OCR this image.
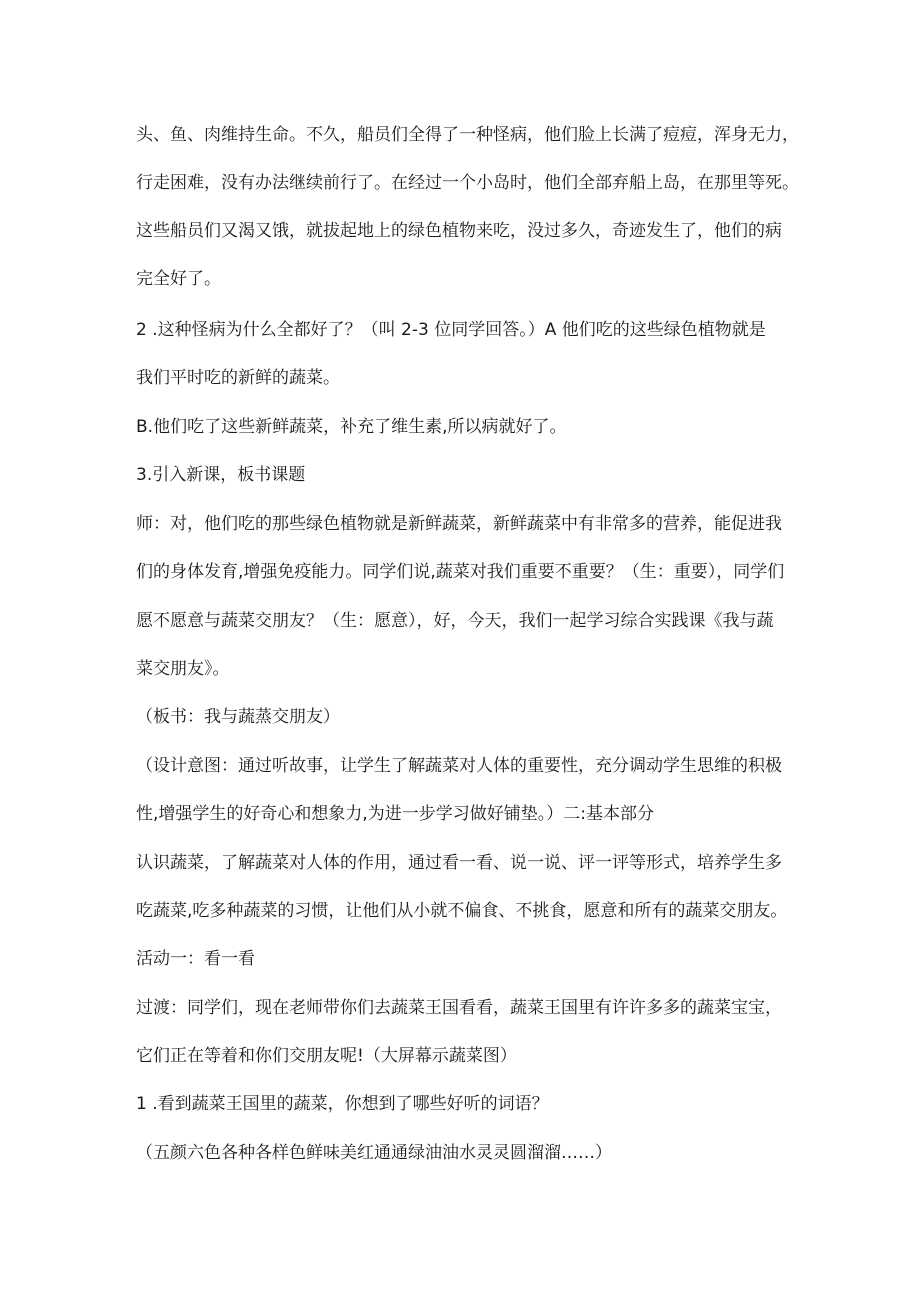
头、鱼、肉维持生命。不久，船员们全得了一种怪病，他们脸上长满了痘痘，浑身无力，
行走困难，没有办法继续前行了。在经过一个小岛时，他们全部弃船上岛，在那里等死。
这些船员们又渴又饿，就拔起地上的绿色植物来吃，没过多久，奇迹发生了，他们的病
完全好了。
2 .这种怪病为什么全都好了？（叫 2-3 位同学回答。）A 他们吃的这些绿色植物就是
我们平时吃的新鲜的蔬菜。
B.他们吃了这些新鲜蔬菜，补充了维生素,所以病就好了。
3.引入新课，板书课题
师：对，他们吃的那些绿色植物就是新鲜蔬菜，新鲜蔬菜中有非常多的营养，能促进我
们的身体发育,增强免疫能力。同学们说,蔬菜对我们重要不重要？（生：重要），同学们
愿不愿意与蔬菜交朋友？（生：愿意），好，今天，我们一起学习综合实践课《我与蔬
菜交朋友》。
（板书：我与蔬蒸交朋友）
（设计意图：通过听故事，让学生了解蔬菜对人体的重要性，充分调动学生思维的积极
性,增强学生的好奇心和想象力,为进一步学习做好铺垫。）二:基本部分
认识蔬菜，了解蔬菜对人体的作用，通过看一看、说一说、评一评等形式，培养学生多
吃蔬菜,吃多种蔬菜的习惯，让他们从小就不偏食、不挑食，愿意和所有的蔬菜交朋友。
活动一：看一看
过渡：同学们，现在老师带你们去蔬菜王国看看，蔬菜王国里有许许多多的蔬菜宝宝，
它们正在等着和你们交朋友呢!（大屏幕示蔬菜图）
1 .看到蔬菜王国里的蔬菜，你想到了哪些好听的词语？
（五颜六色各种各样色鲜味美红通通绿油油水灵灵圆溜溜……）
